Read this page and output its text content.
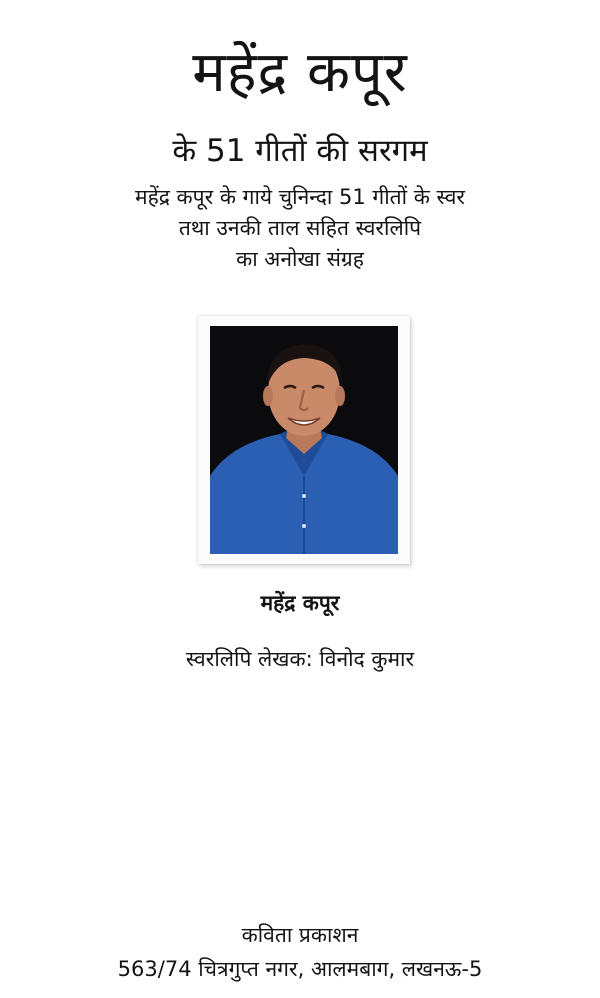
महेंद्र कपूर
के 51 गीतों की सरगम
महेंद्र कपूर के गाये चुनिन्दा 51 गीतों के स्वर
तथा उनकी ताल सहित स्वरलिपि
का अनोखा संग्रह
महेंद्र कपूर
स्वरलिपि लेखक: विनोद कुमार
कविता प्रकाशन
563/74 चित्रगुप्त नगर, आलमबाग, लखनऊ-5
